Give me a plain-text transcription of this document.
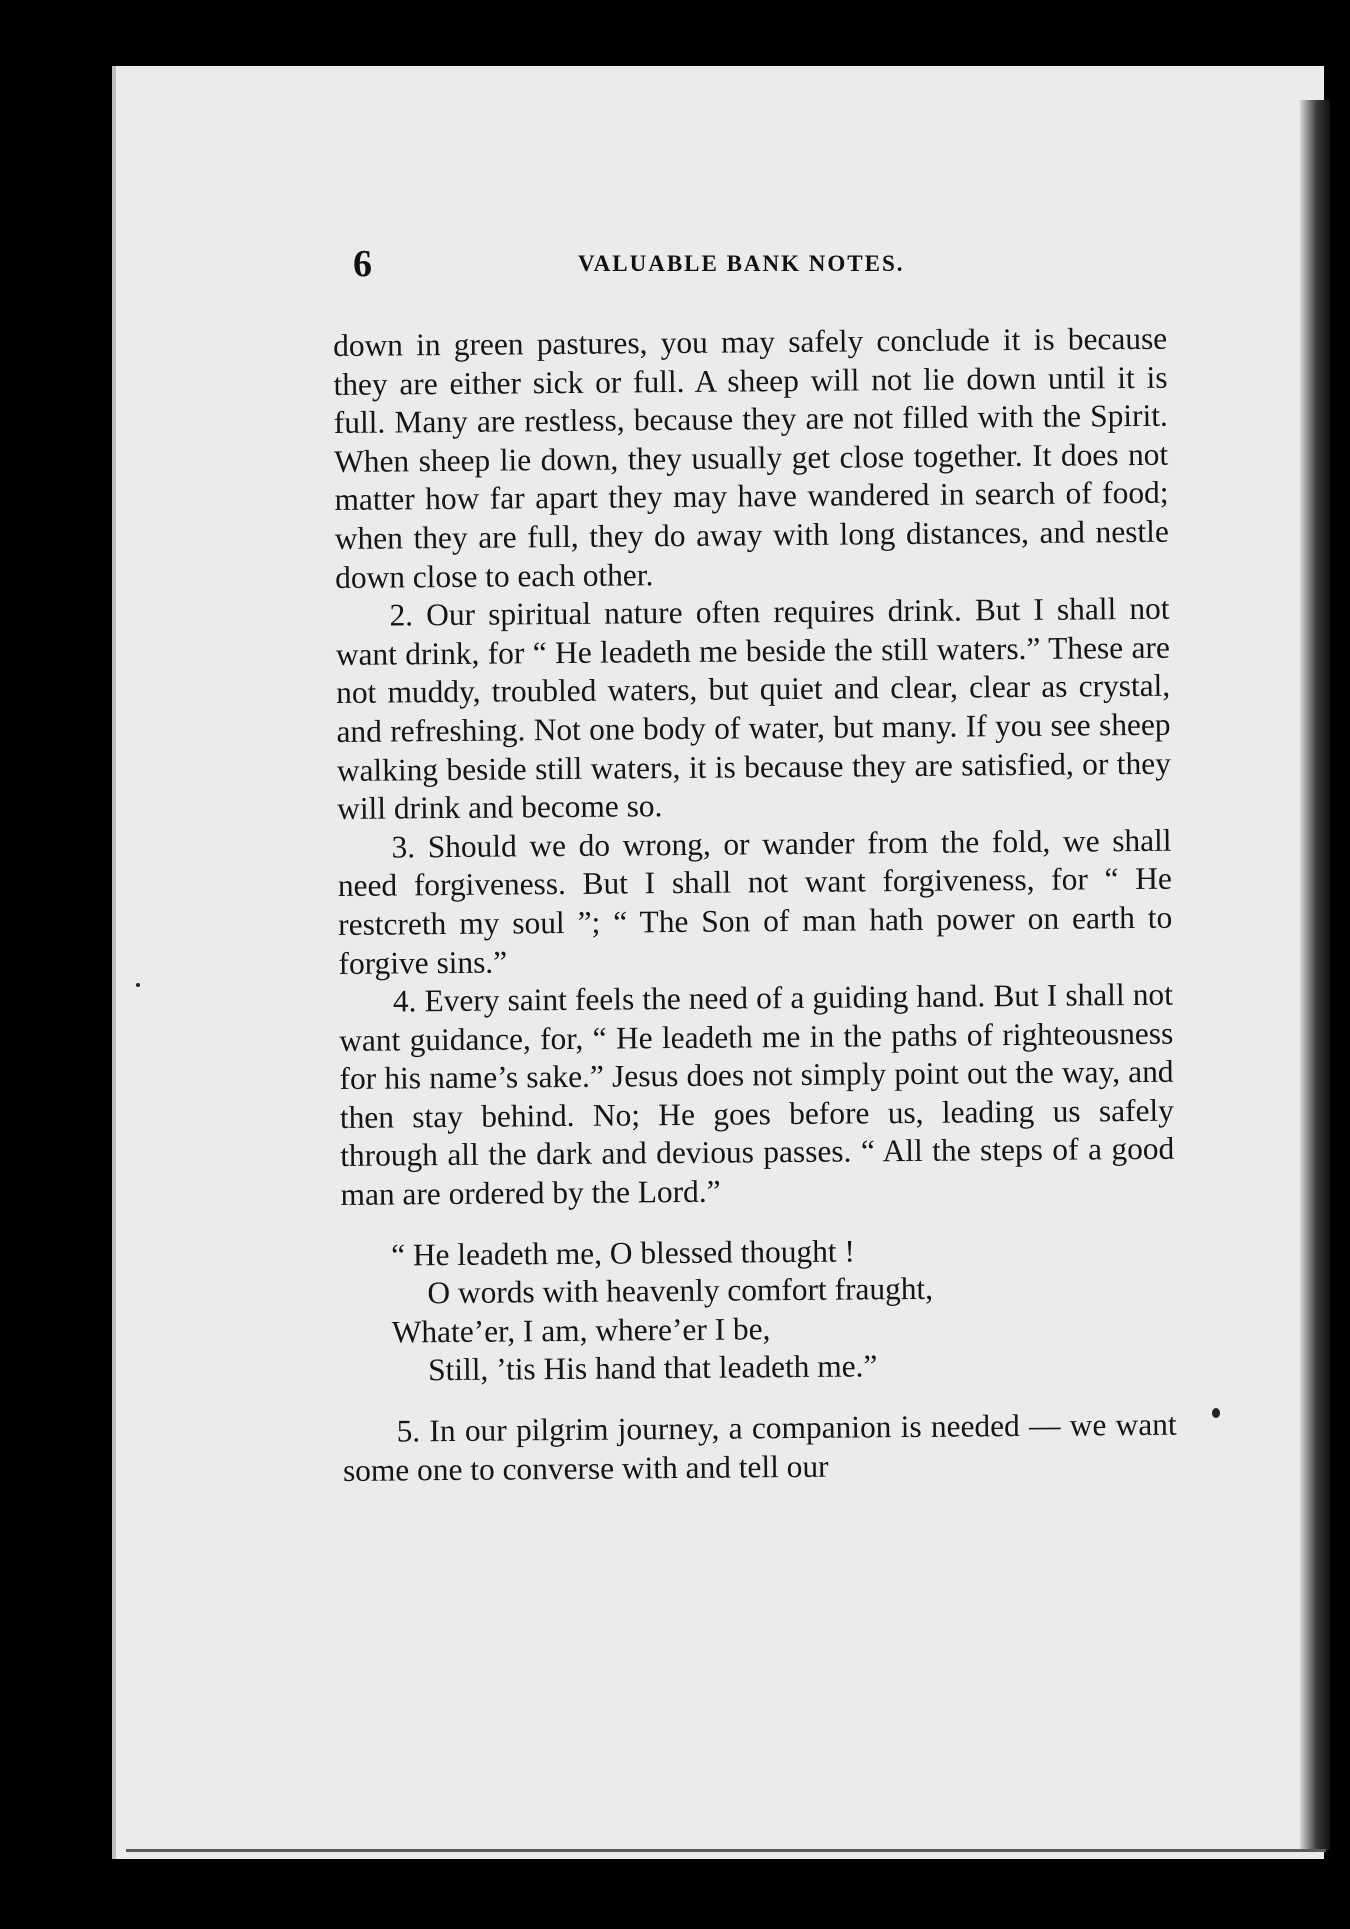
6	VALUABLE BANK NOTES.

down in green pastures, you may safely conclude it is because they are either sick or full. A sheep will not lie down until it is full. Many are restless, because they are not filled with the Spirit. When sheep lie down, they usually get close together. It does not matter how far apart they may have wandered in search of food; when they are full, they do away with long distances, and nestle down close to each other.

2. Our spiritual nature often requires drink. But I shall not want drink, for “ He leadeth me beside the still waters.” These are not muddy, troubled waters, but quiet and clear, clear as crystal, and refreshing. Not one body of water, but many. If you see sheep walking beside still waters, it is because they are satisfied, or they will drink and become so.

3. Should we do wrong, or wander from the fold, we shall need forgiveness. But I shall not want forgiveness, for “ He restcreth my soul ”; “ The Son of man hath power on earth to forgive sins.”

4. Every saint feels the need of a guiding hand. But I shall not want guidance, for, “ He leadeth me in the paths of righteousness for his name’s sake.” Jesus does not simply point out the way, and then stay behind. No; He goes before us, leading us safely through all the dark and devious passes. “ All the steps of a good man are ordered by the Lord.”

“ He leadeth me, O blessed thought !
O words with heavenly comfort fraught,
Whate’er, I am, where’er I be,
Still, ’tis His hand that leadeth me.”

5. In our pilgrim journey, a companion is needed — we want some one to converse with and tell our
